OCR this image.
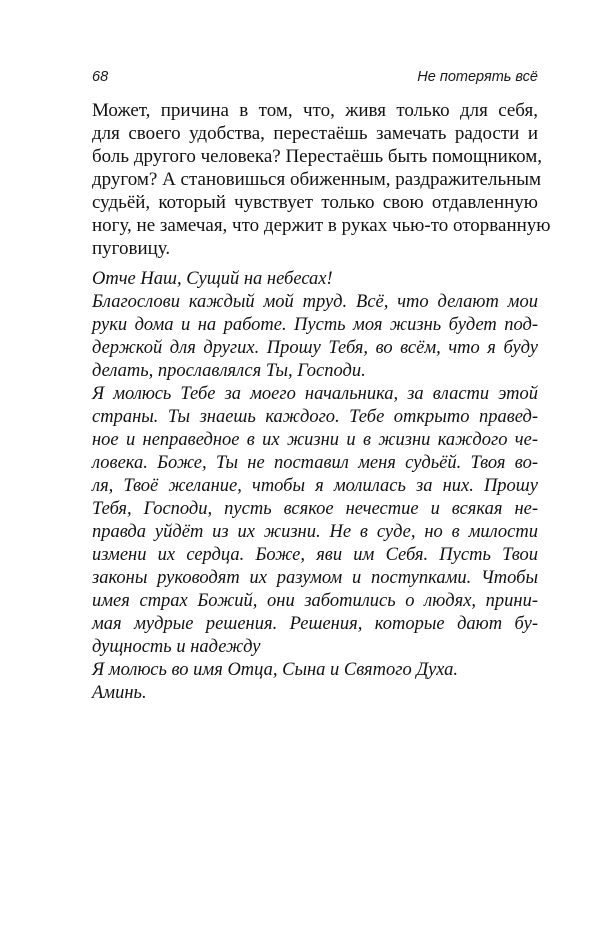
68	Не потерять всё
Может, причина в том, что, живя только для себя,
для своего удобства, перестаёшь замечать радости и
боль другого человека? Перестаёшь быть помощником,
другом? А становишься обиженным, раздражительным
судьёй, который чувствует только свою отдавленную
ногу, не замечая, что держит в руках чью-то оторванную
пуговицу.
Отче Наш, Сущий на небесах!
Благослови каждый мой труд. Всё, что делают мои
руки дома и на работе. Пусть моя жизнь будет под-
держкой для других. Прошу Тебя, во всём, что я буду
делать, прославлялся Ты, Господи.
Я молюсь Тебе за моего начальника, за власти этой
страны. Ты знаешь каждого. Тебе открыто правед-
ное и неправедное в их жизни и в жизни каждого че-
ловека. Боже, Ты не поставил меня судьёй. Твоя во-
ля, Твоё желание, чтобы я молилась за них. Прошу
Тебя, Господи, пусть всякое нечестие и всякая не-
правда уйдёт из их жизни. Не в суде, но в милости
измени их сердца. Боже, яви им Себя. Пусть Твои
законы руководят их разумом и поступками. Чтобы
имея страх Божий, они заботились о людях, прини-
мая мудрые решения. Решения, которые дают бу-
дущность и надежду
Я молюсь во имя Отца, Сына и Святого Духа.
Аминь.
